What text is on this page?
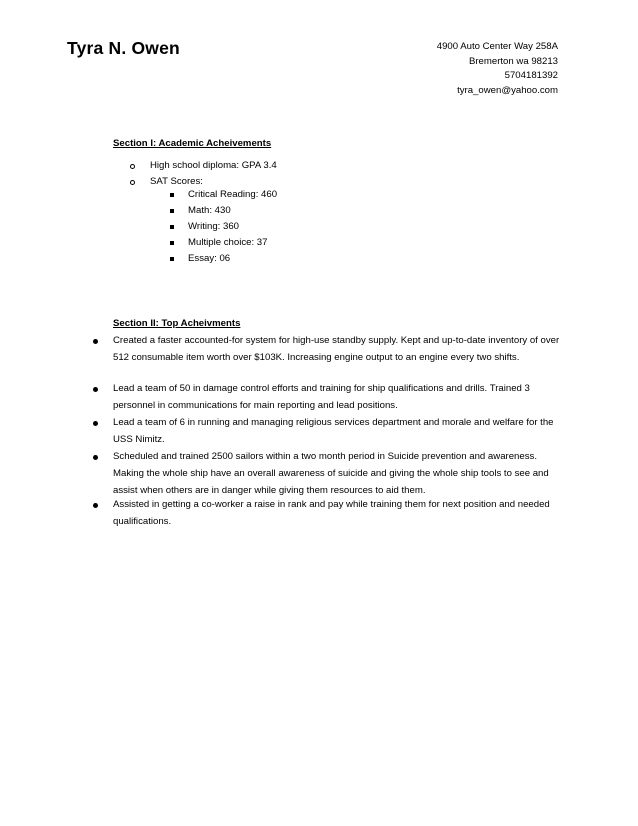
Tyra N. Owen	4900 Auto Center Way 258A
Bremerton wa 98213
5704181392
tyra_owen@yahoo.com
Section I: Academic Acheivements
High school diploma: GPA 3.4
SAT Scores:
Critical Reading: 460
Math: 430
Writing: 360
Multiple choice: 37
Essay: 06
Section II: Top Acheivments
Created a faster accounted-for system for high-use standby supply. Kept and up-to-date inventory of over 512 consumable item worth over $103K. Increasing engine output to an engine every two shifts.
Lead a team of 50 in damage control efforts and training for ship qualifications and drills. Trained 3 personnel in communications for main reporting and lead positions.
Lead a team of 6 in running and managing religious services department and morale and welfare for the USS Nimitz.
Scheduled and trained 2500 sailors within a two month period in Suicide prevention and awareness. Making the whole ship have an overall awareness of suicide and giving the whole ship tools to see and assist when others are in danger while giving them resources to aid them.
Assisted in getting a co-worker a raise in rank and pay while training them for next position and needed qualifications.
